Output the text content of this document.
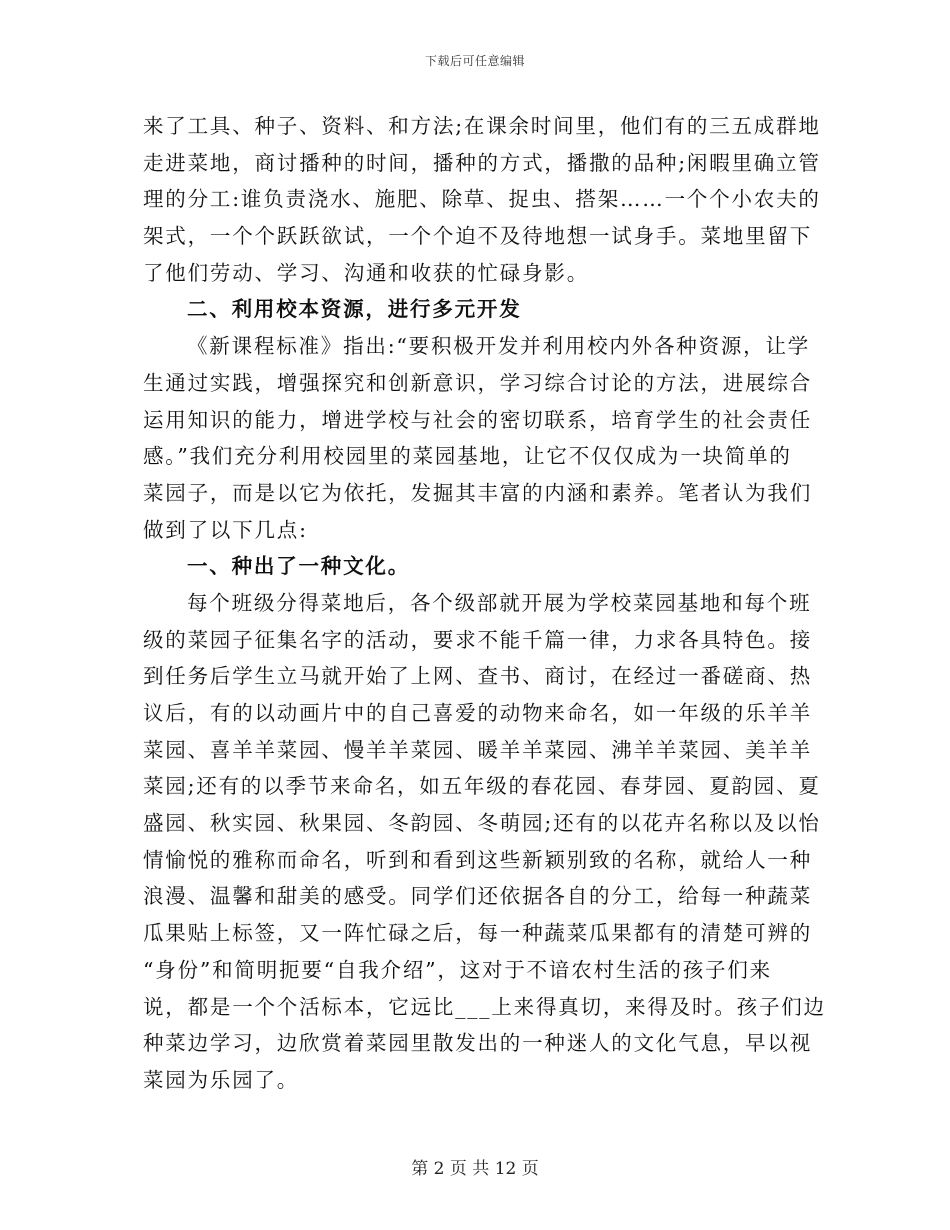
下载后可任意编辑
来了工具、种子、资料、和方法;在课余时间里，他们有的三五成群地
走进菜地，商讨播种的时间，播种的方式，播撒的品种;闲暇里确立管
理的分工:谁负责浇水、施肥、除草、捉虫、搭架……一个个小农夫的
架式，一个个跃跃欲试，一个个迫不及待地想一试身手。菜地里留下
了他们劳动、学习、沟通和收获的忙碌身影。
二、利用校本资源，进行多元开发
《新课程标准》指出:“要积极开发并利用校内外各种资源，让学
生通过实践，增强探究和创新意识，学习综合讨论的方法，进展综合
运用知识的能力，增进学校与社会的密切联系，培育学生的社会责任
感。”我们充分利用校园里的菜园基地，让它不仅仅成为一块简单的
菜园子，而是以它为依托，发掘其丰富的内涵和素养。笔者认为我们
做到了以下几点:
一、种出了一种文化。
每个班级分得菜地后，各个级部就开展为学校菜园基地和每个班
级的菜园子征集名字的活动，要求不能千篇一律，力求各具特色。接
到任务后学生立马就开始了上网、查书、商讨，在经过一番磋商、热
议后，有的以动画片中的自己喜爱的动物来命名，如一年级的乐羊羊
菜园、喜羊羊菜园、慢羊羊菜园、暖羊羊菜园、沸羊羊菜园、美羊羊
菜园;还有的以季节来命名，如五年级的春花园、春芽园、夏韵园、夏
盛园、秋实园、秋果园、冬韵园、冬萌园;还有的以花卉名称以及以怡
情愉悦的雅称而命名，听到和看到这些新颖别致的名称，就给人一种
浪漫、温馨和甜美的感受。同学们还依据各自的分工，给每一种蔬菜
瓜果贴上标签，又一阵忙碌之后，每一种蔬菜瓜果都有的清楚可辨的
“身份”和简明扼要“自我介绍”，这对于不谙农村生活的孩子们来
说，都是一个个活标本，它远比___上来得真切，来得及时。孩子们边
种菜边学习，边欣赏着菜园里散发出的一种迷人的文化气息，早以视
菜园为乐园了。
第 2 页 共 12 页
